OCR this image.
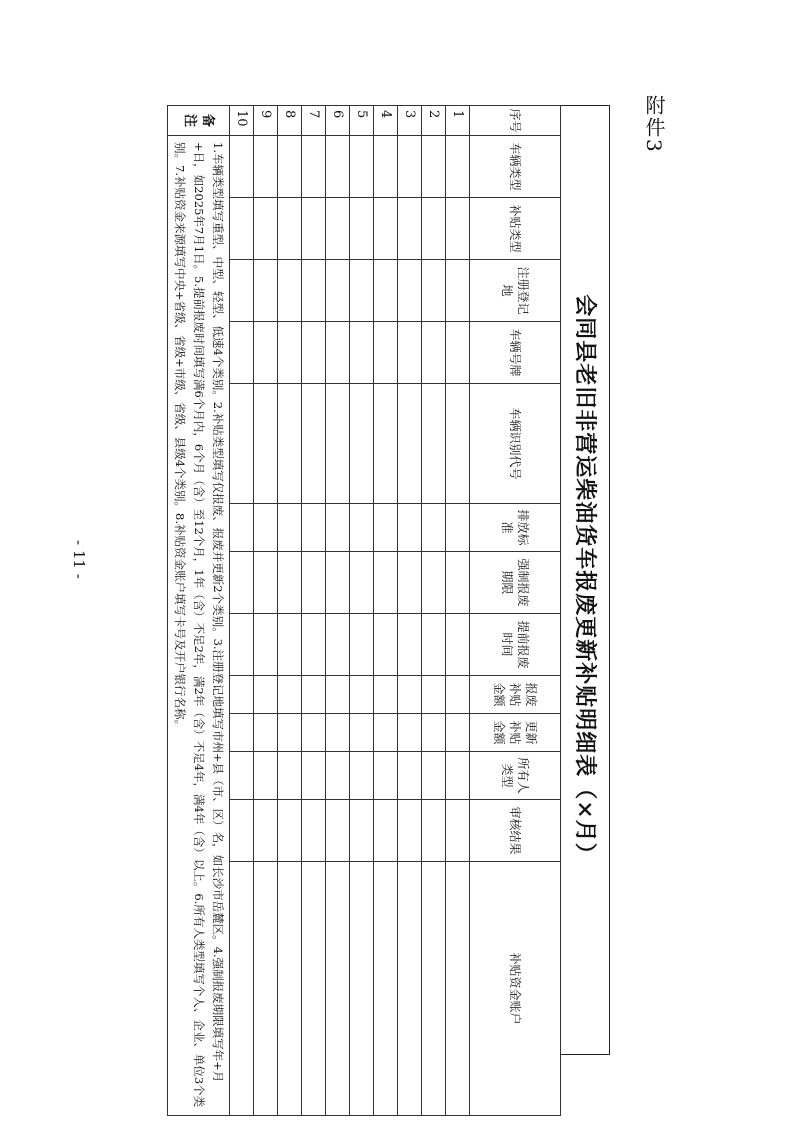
附件3
会同县老旧非营运柴油货车报废更新补贴明细表（×月）
序号	车辆类型	补贴类型	注册登记地	车辆号牌	车辆识别代号	排放标准	强制报废期限	提前报废时间	报废补贴金额	更新补贴金额	所有人类型	审核结果	补贴资金账户
1													
2													
3													
4													
5													
6													
7													
8													
9													
10													
备注	1.车辆类型填写重型、中型、轻型、低速4个类别。2.补贴类型填写仅报废、报废并更新2个类别。3.注册登记地填写市州+县（市、区）名，如长沙市岳麓区。4.强制报废期限填写年+月+日，如2025年7月1日。5.提前报废时间填写满6个月内，6个月（含）至12个月，1年（含）不足2年，满2年（含）不足4年，满4年（含）以上。6.所有人类型填写个人、企业、单位3个类别。7.补贴资金来源填写中央+省级、省级+市级、省级、县级4个类别。8.补贴资金账户填写卡号及开户银行名称。												
- 11 -
